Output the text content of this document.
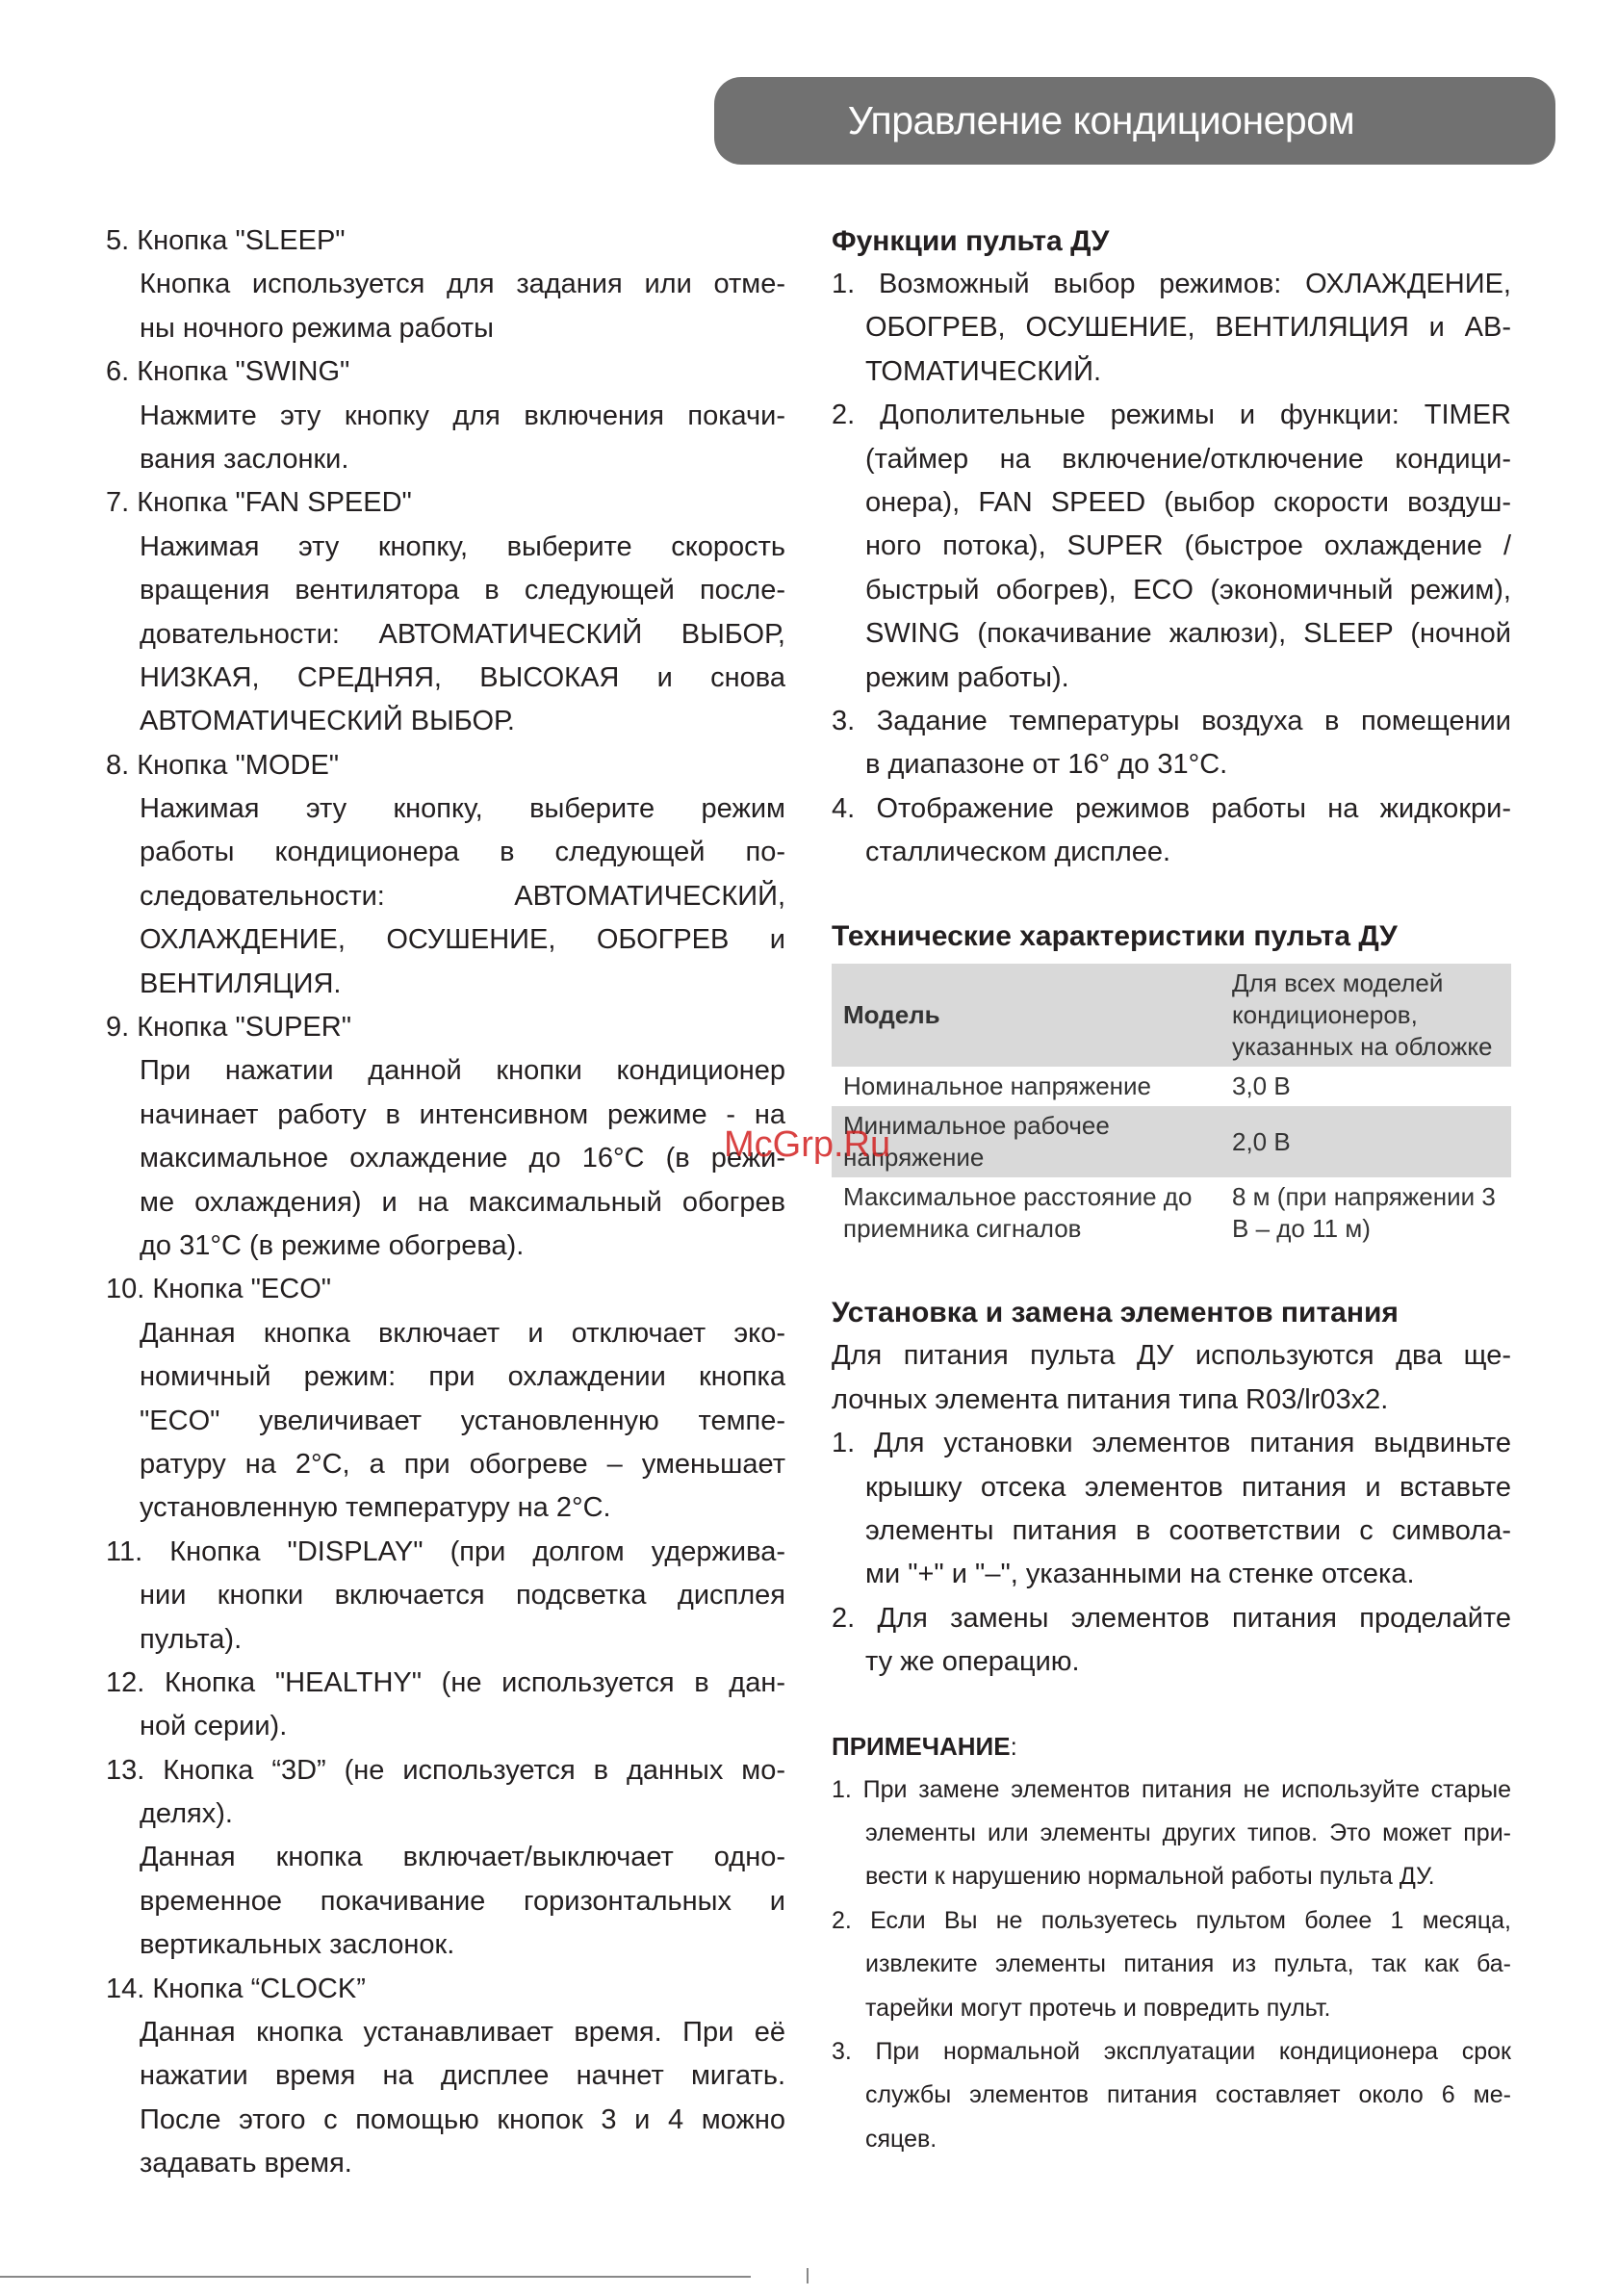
Управление кондиционером
5. Кнопка "SLEEP"
Кнопка используется для задания или отме-
ны ночного режима работы
6. Кнопка "SWING"
Нажмите эту кнопку для включения покачи-
вания заслонки.
7. Кнопка "FAN SPEED"
Нажимая эту кнопку, выберите скорость
вращения вентилятора в следующей после-
довательности: АВТОМАТИЧЕСКИЙ ВЫБОР,
НИЗКАЯ, СРЕДНЯЯ, ВЫСОКАЯ и снова
АВТОМАТИЧЕСКИЙ ВЫБОР.
8. Кнопка "MODE"
Нажимая эту кнопку, выберите режим
работы кондиционера в следующей по-
следовательности: АВТОМАТИЧЕСКИЙ,
ОХЛАЖДЕНИЕ, ОСУШЕНИЕ, ОБОГРЕВ и
ВЕНТИЛЯЦИЯ.
9. Кнопка "SUPER"
При нажатии данной кнопки кондиционер
начинает работу в интенсивном режиме - на
максимальное охлаждение до 16°С (в режи-
ме охлаждения) и на максимальный обогрев
до 31°С (в режиме обогрева).
10. Кнопка "ECO"
Данная кнопка включает и отключает эко-
номичный режим: при охлаждении кнопка
"ECO" увеличивает установленную темпе-
ратуру на 2°С, а при обогреве – уменьшает
установленную температуру на 2°С.
11. Кнопка "DISPLAY" (при долгом удержива-
нии кнопки включается подсветка дисплея
пульта).
12. Кнопка "HEALTHY" (не используется в дан-
ной серии).
13. Кнопка “3D” (не используется в данных мо-
делях).
Данная кнопка включает/выключает одно-
временное покачивание горизонтальных и
вертикальных заслонок.
14. Кнопка “CLOCK”
Данная кнопка устанавливает время. При её
нажатии время на дисплее начнет мигать.
После этого с помощью кнопок 3 и 4 можно
задавать время.
Функции пульта ДУ
1. Возможный выбор режимов: ОХЛАЖДЕНИЕ,
ОБОГРЕВ, ОСУШЕНИЕ, ВЕНТИЛЯЦИЯ и АВ-
ТОМАТИЧЕСКИЙ.
2. Дополительные режимы и функции: TIMER
(таймер на включение/отключение кондици-
онера), FAN SPEED (выбор скорости воздуш-
ного потока), SUPER (быстрое охлаждение /
быстрый обогрев), ECO (экономичный режим),
SWING (покачивание жалюзи), SLEEP (ночной
режим работы).
3. Задание температуры воздуха в помещении
в диапазоне от 16° до 31°С.
4. Отображение режимов работы на жидкокри-
сталлическом дисплее.
Технические характеристики пульта ДУ
Модель	Для всех моделей кондиционеров, указанных на обложке
Номинальное напряжение	3,0 В
Минимальное рабочее напряжение	2,0 В
Максимальное расстояние до приемника сигналов	8 м (при напряжении 3 В – до 11 м)
Установка и замена элементов питания
Для питания пульта ДУ используются два ще-
лочных элемента питания типа R03/lr03x2.
1. Для установки элементов питания выдвиньте
крышку отсека элементов питания и вставьте
элементы питания в соответствии с символа-
ми "+" и "–", указанными на стенке отсека.
2. Для замены элементов питания проделайте
ту же операцию.
ПРИМЕЧАНИЕ:
1. При замене элементов питания не используйте старые
элементы или элементы других типов. Это может при-
вести к нарушению нормальной работы пульта ДУ.
2. Если Вы не пользуетесь пультом более 1 месяца,
извлеките элементы питания из пульта, так как ба-
тарейки могут протечь и повредить пульт.
3. При нормальной эксплуатации кондиционера срок
службы элементов питания составляет около 6 ме-
сяцев.
McGrp.Ru
